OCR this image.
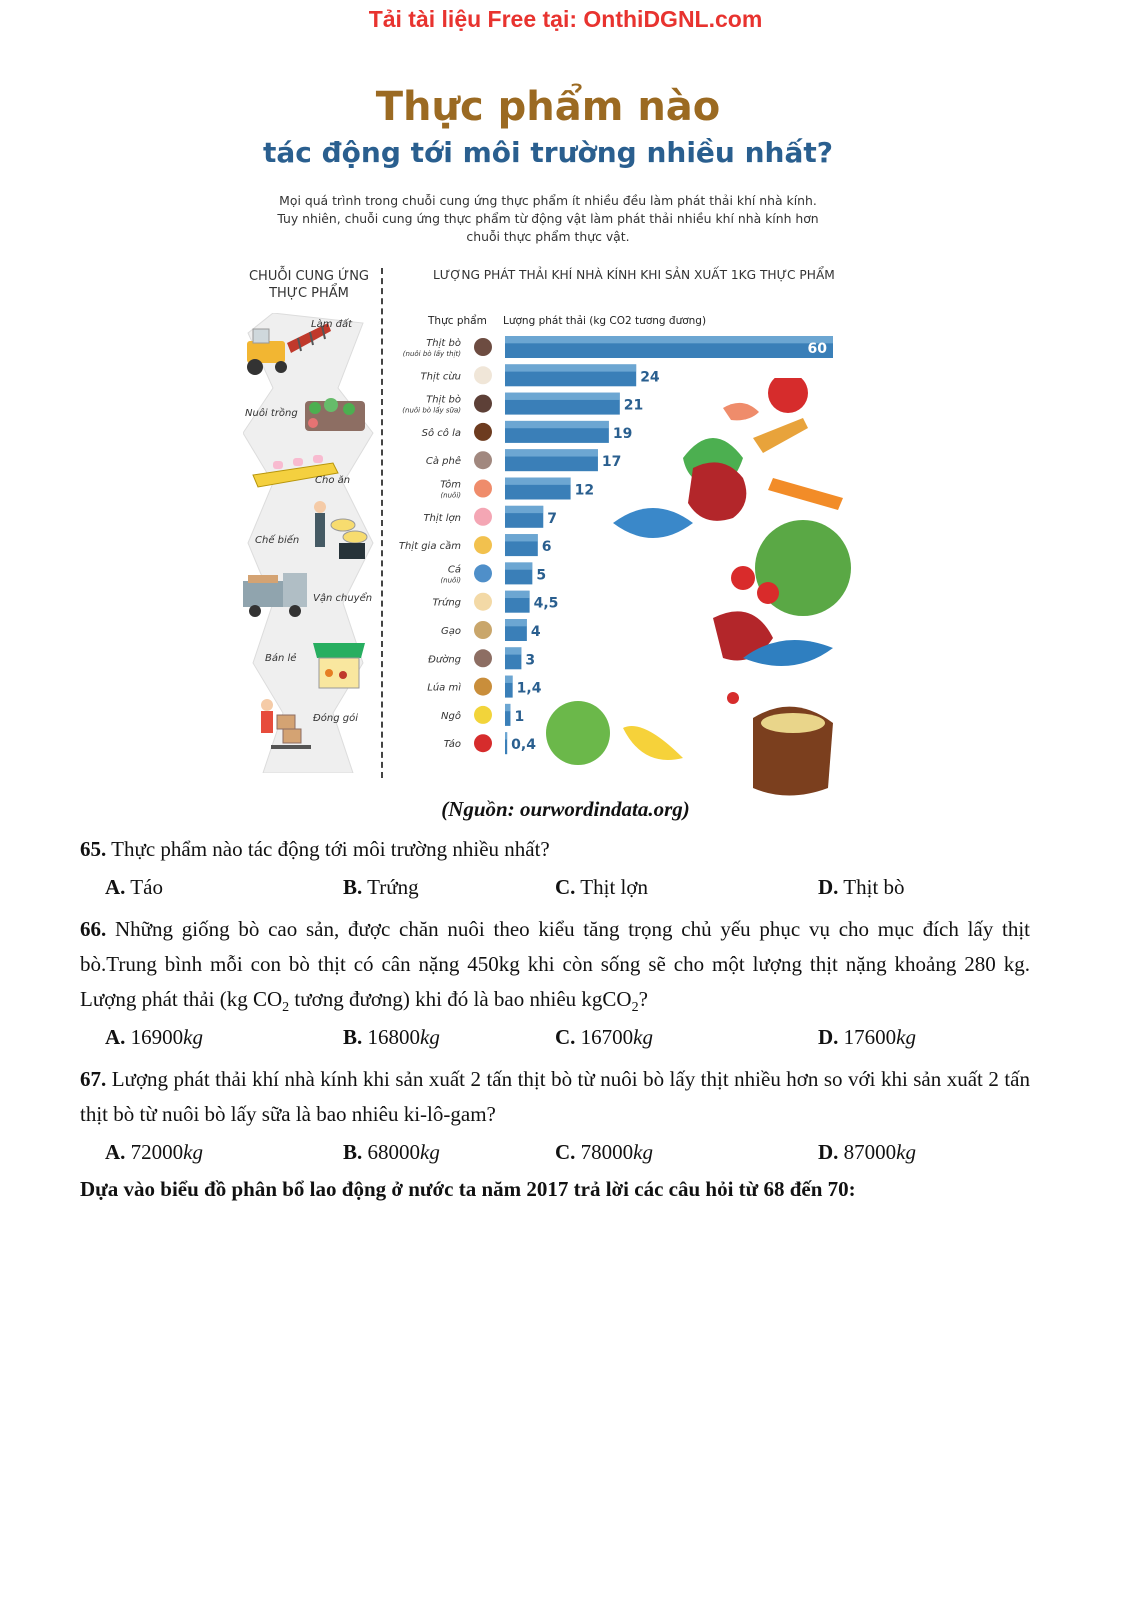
Tải tài liệu Free tại: OnthiDGNL.com
Thực phẩm nào
tác động tới môi trường nhiều nhất?
Mọi quá trình trong chuỗi cung ứng thực phẩm ít nhiều đều làm phát thải khí nhà kính.
Tuy nhiên, chuỗi cung ứng thực phẩm từ động vật làm phát thải nhiều khí nhà kính hơn
chuỗi thực phẩm thực vật.
CHUỖI CUNG ỨNG
THỰC PHẨM
LƯỢNG PHÁT THẢI KHÍ NHÀ KÍNH KHI SẢN XUẤT 1KG THỰC PHẨM
Làm đất
Nuôi trồng
Cho ăn
Chế biến
Vận chuyển
Bán lẻ
Đóng gói
Thực phẩm Lượng phát thải (kg CO2 tương đương)
60
Thịt bò
(nuôi bò lấy thịt)
24
Thịt cừu
21
Thịt bò
(nuôi bò lấy sữa)
19
Sô cô la
17
Cà phê
12
Tôm
(nuôi)
7
Thịt lợn
6
Thịt gia cầm
5
Cá
(nuôi)
4,5
Trứng
4
Gạo
3
Đường
1,4
Lúa mì
1
Ngô
0,4
Táo
(Nguồn: ourwordindata.org)
65. Thực phẩm nào tác động tới môi trường nhiều nhất?
A. Táo	B. Trứng	C. Thịt lợn	D. Thịt bò
66. Những giống bò cao sản, được chăn nuôi theo kiểu tăng trọng chủ yếu phục vụ cho mục đích lấy thịt bò.Trung bình mỗi con bò thịt có cân nặng 450kg khi còn sống sẽ cho một lượng thịt nặng khoảng 280 kg. Lượng phát thải (kg $CO_2$ tương đương) khi đó là bao nhiêu kgCO$_2$?
A. 16900kg	B. 16800kg	C. 16700kg	D. 17600kg
67. Lượng phát thải khí nhà kính khi sản xuất 2 tấn thịt bò từ nuôi bò lấy thịt nhiều hơn so với khi sản xuất 2 tấn thịt bò từ nuôi bò lấy sữa là bao nhiêu ki-lô-gam?
A. 72000kg	B. 68000kg	C. 78000kg	D. 87000kg
Dựa vào biểu đồ phân bổ lao động ở nước ta năm 2017 trả lời các câu hỏi từ 68 đến 70:
